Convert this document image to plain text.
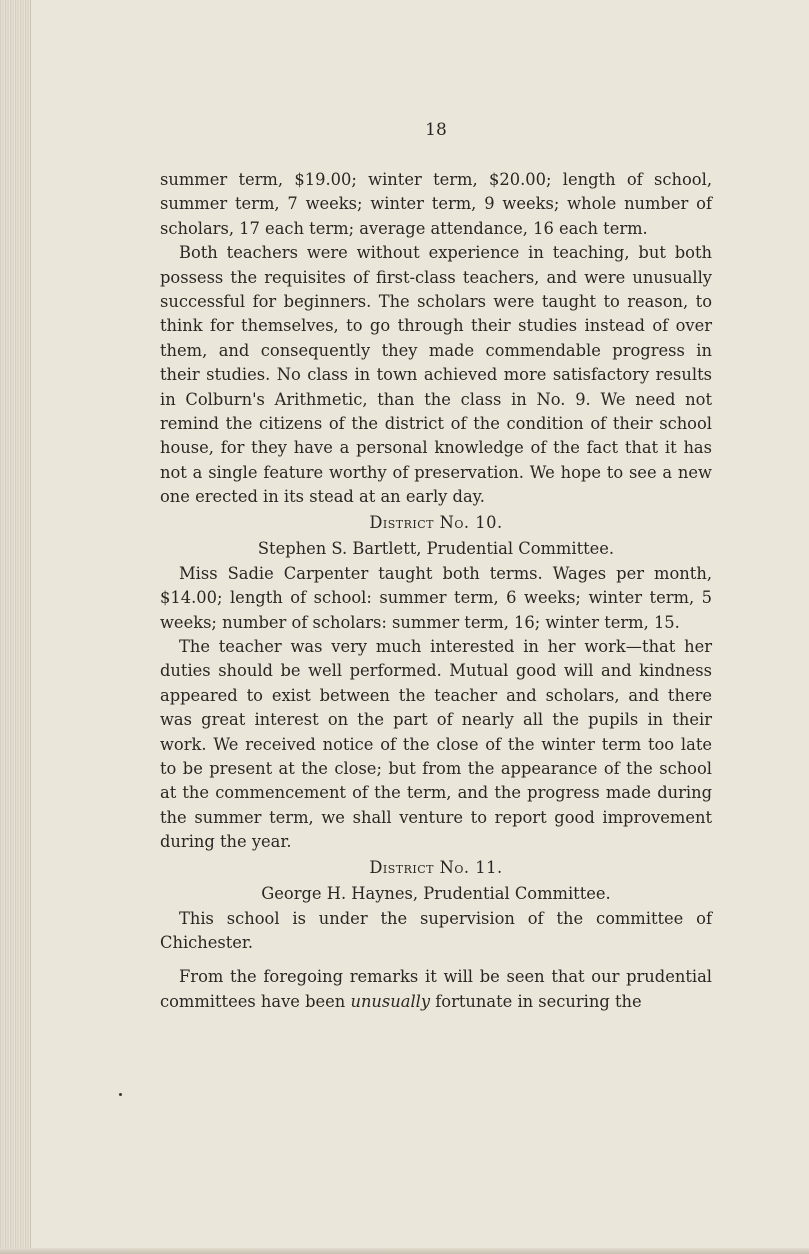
18

summer term, $19.00; winter term, $20.00; length of school, summer term, 7 weeks; winter term, 9 weeks; whole number of scholars, 17 each term; average attendance, 16 each term.

Both teachers were without experience in teaching, but both possess the requisites of first-class teachers, and were unusually successful for beginners. The scholars were taught to reason, to think for themselves, to go through their studies instead of over them, and consequently they made commendable progress in their studies. No class in town achieved more satisfactory results in Colburn's Arithmetic, than the class in No. 9. We need not remind the citizens of the district of the condition of their school house, for they have a personal knowledge of the fact that it has not a single feature worthy of preservation. We hope to see a new one erected in its stead at an early day.

District No. 10.

Stephen S. Bartlett, Prudential Committee.

Miss Sadie Carpenter taught both terms. Wages per month, $14.00; length of school: summer term, 6 weeks; winter term, 5 weeks; number of scholars: summer term, 16; winter term, 15.

The teacher was very much interested in her work—that her duties should be well performed. Mutual good will and kindness appeared to exist between the teacher and scholars, and there was great interest on the part of nearly all the pupils in their work. We received notice of the close of the winter term too late to be present at the close; but from the appearance of the school at the commencement of the term, and the progress made during the summer term, we shall venture to report good improvement during the year.

District No. 11.

George H. Haynes, Prudential Committee.

This school is under the supervision of the committee of Chichester.

From the foregoing remarks it will be seen that our prudential committees have been unusually fortunate in securing the
